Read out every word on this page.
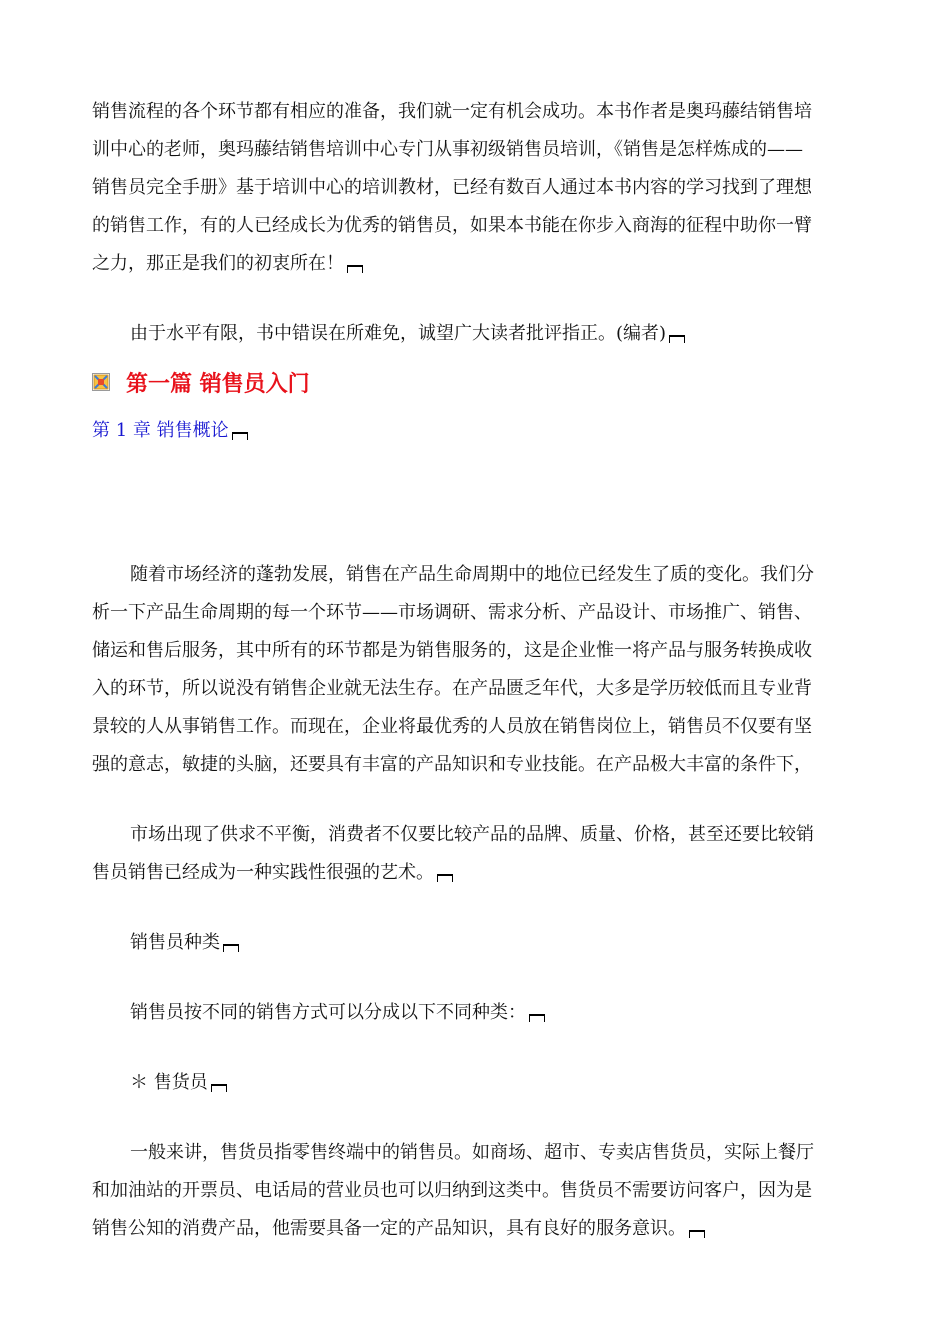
销售流程的各个环节都有相应的准备，我们就一定有机会成功。本书作者是奥玛藤结销售培
训中心的老师，奥玛藤结销售培训中心专门从事初级销售员培训，《销售是怎样炼成的——
销售员完全手册》基于培训中心的培训教材，已经有数百人通过本书内容的学习找到了理想
的销售工作，有的人已经成长为优秀的销售员，如果本书能在你步入商海的征程中助你一臂
之力，那正是我们的初衷所在！
由于水平有限，书中错误在所难免，诚望广大读者批评指正。(编者)
第一篇 销售员入门
第 1 章 销售概论
随着市场经济的蓬勃发展，销售在产品生命周期中的地位已经发生了质的变化。我们分
析一下产品生命周期的每一个环节——市场调研、需求分析、产品设计、市场推广、销售、
储运和售后服务，其中所有的环节都是为销售服务的，这是企业惟一将产品与服务转换成收
入的环节，所以说没有销售企业就无法生存。在产品匮乏年代，大多是学历较低而且专业背
景较的人从事销售工作。而现在，企业将最优秀的人员放在销售岗位上，销售员不仅要有坚
强的意志，敏捷的头脑，还要具有丰富的产品知识和专业技能。在产品极大丰富的条件下，
市场出现了供求不平衡，消费者不仅要比较产品的品牌、质量、价格，甚至还要比较销
售员销售已经成为一种实践性很强的艺术。
销售员种类
销售员按不同的销售方式可以分成以下不同种类：
＊ 售货员
一般来讲，售货员指零售终端中的销售员。如商场、超市、专卖店售货员，实际上餐厅
和加油站的开票员、电话局的营业员也可以归纳到这类中。售货员不需要访问客户，因为是
销售公知的消费产品，他需要具备一定的产品知识，具有良好的服务意识。
